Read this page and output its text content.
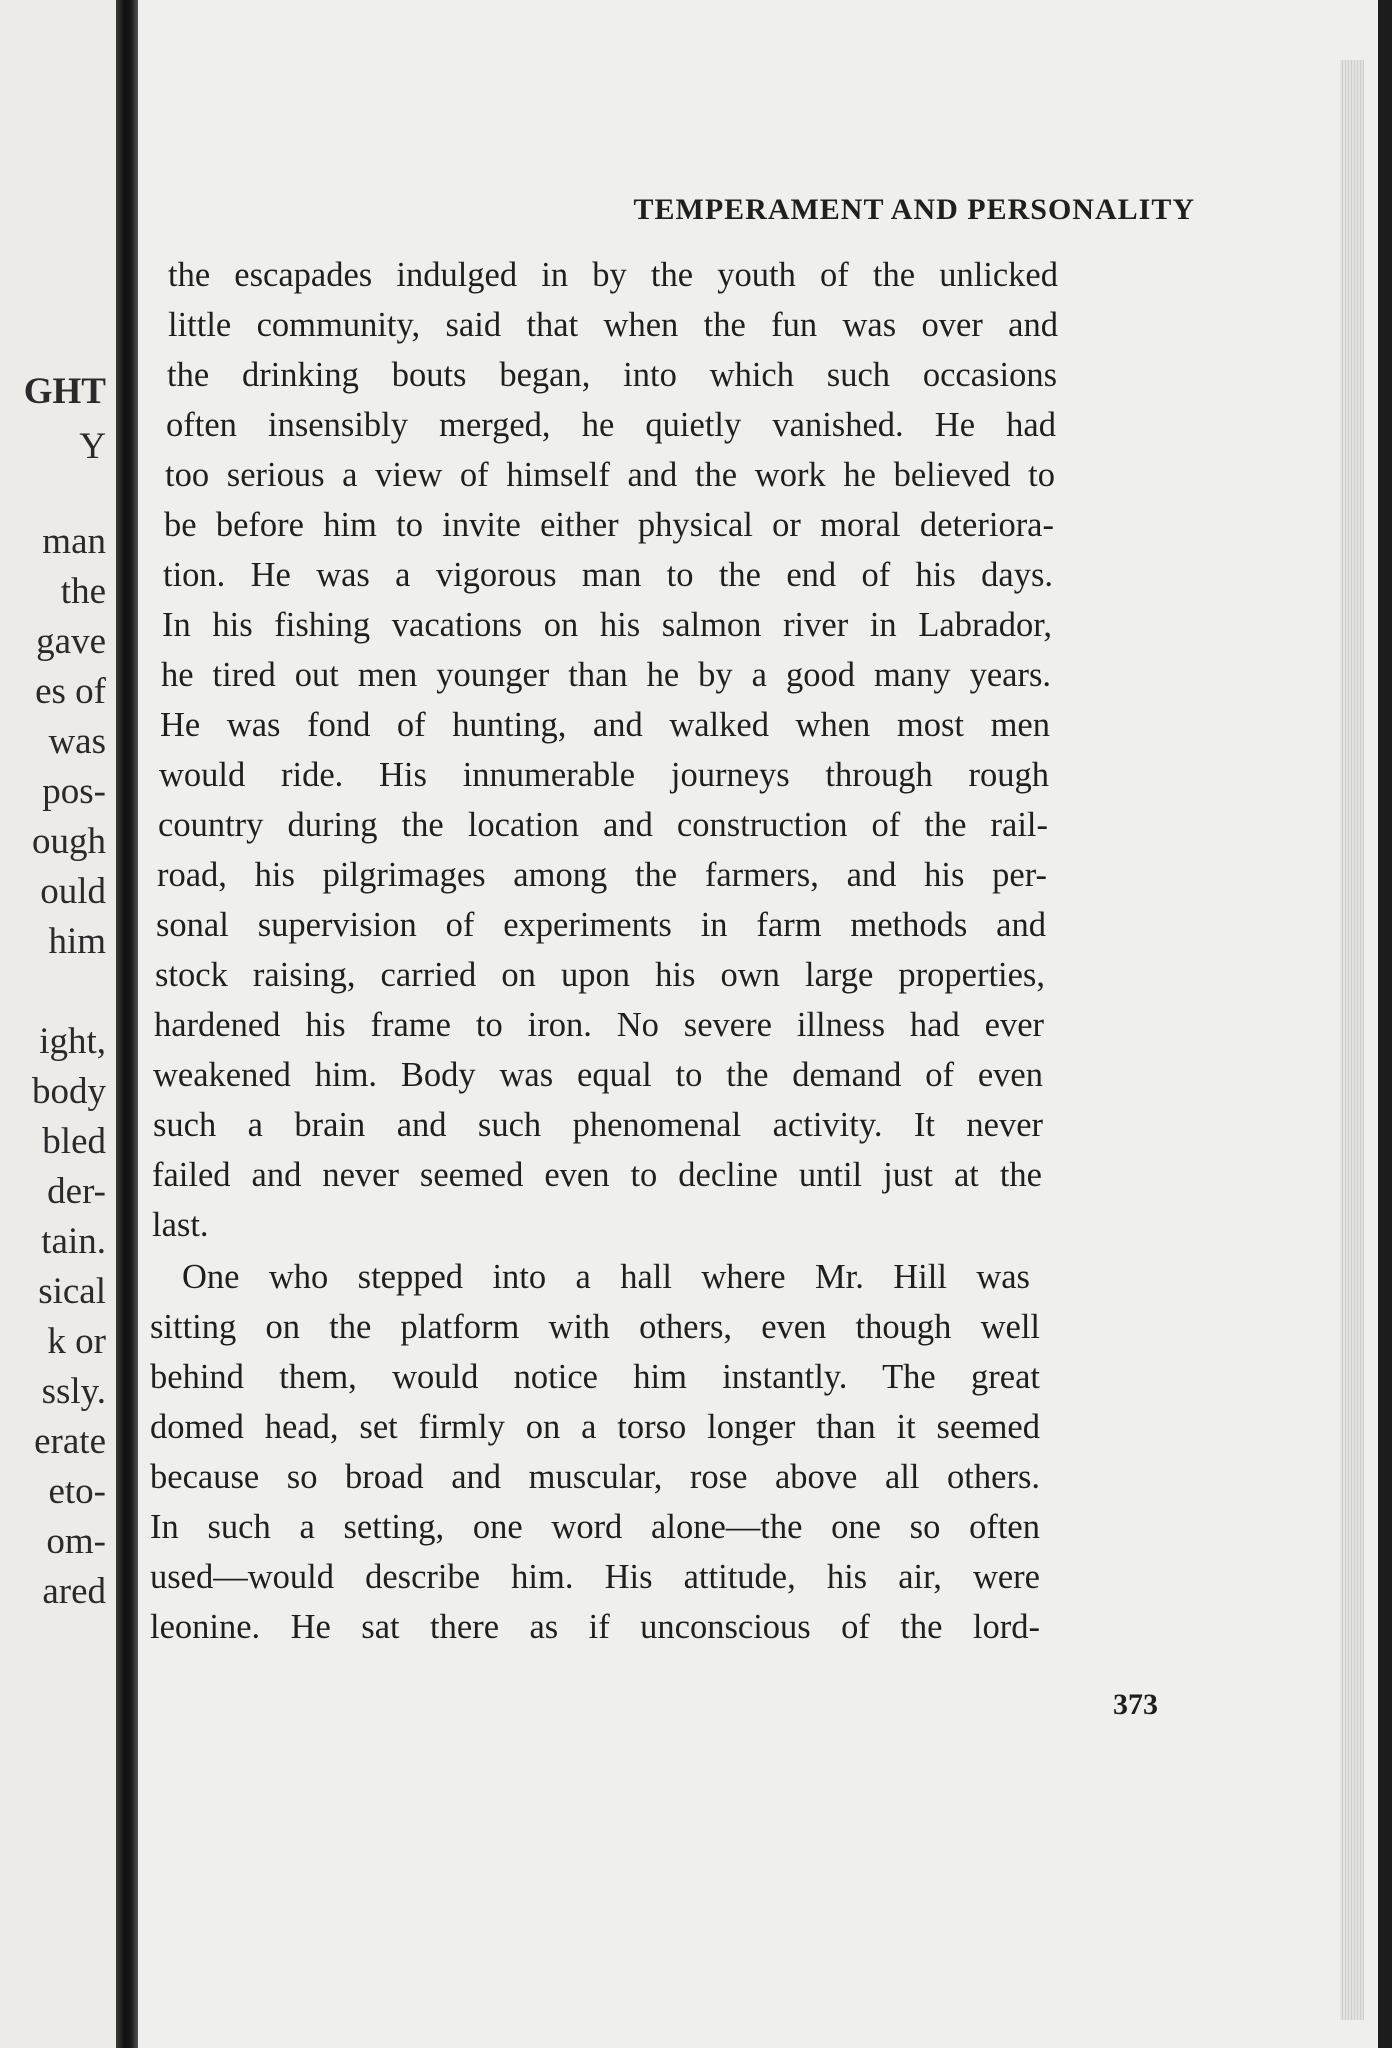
GHT
Y
man
the
gave
es of
was
pos-
ough
ould
him
ight,
body
bled
der-
tain.
sical
k or
ssly.
erate
eto-
om-
ared
TEMPERAMENT AND PERSONALITY
the escapades indulged in by the youth of the unlicked
little community, said that when the fun was over and
the drinking bouts began, into which such occasions
often insensibly merged, he quietly vanished. He had
too serious a view of himself and the work he believed to
be before him to invite either physical or moral deteriora-
tion. He was a vigorous man to the end of his days.
In his fishing vacations on his salmon river in Labrador,
he tired out men younger than he by a good many years.
He was fond of hunting, and walked when most men
would ride. His innumerable journeys through rough
country during the location and construction of the rail-
road, his pilgrimages among the farmers, and his per-
sonal supervision of experiments in farm methods and
stock raising, carried on upon his own large properties,
hardened his frame to iron. No severe illness had ever
weakened him. Body was equal to the demand of even
such a brain and such phenomenal activity. It never
failed and never seemed even to decline until just at the
last.
One who stepped into a hall where Mr. Hill was
sitting on the platform with others, even though well
behind them, would notice him instantly. The great
domed head, set firmly on a torso longer than it seemed
because so broad and muscular, rose above all others.
In such a setting, one word alone—the one so often
used—would describe him. His attitude, his air, were
leonine. He sat there as if unconscious of the lord-
373
